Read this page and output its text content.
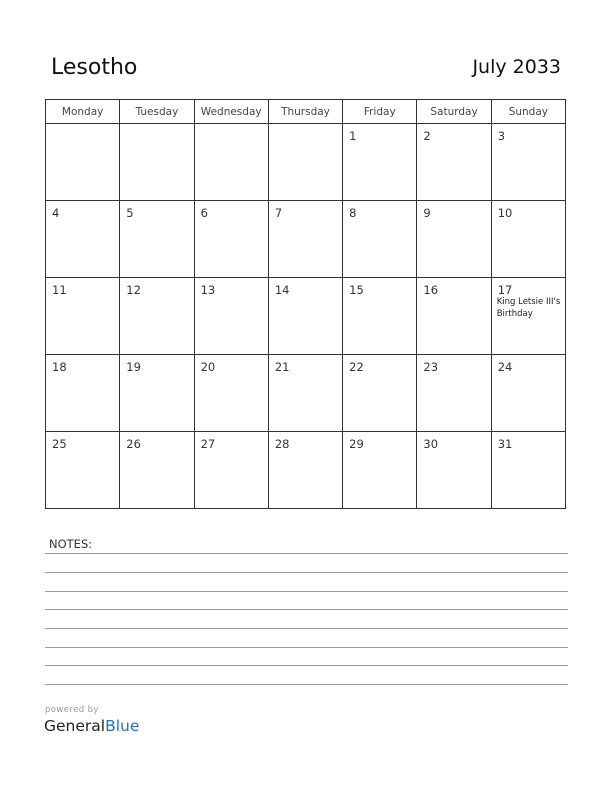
Lesotho	July 2033
Monday	Tuesday	Wednesday	Thursday	Friday	Saturday	Sunday

				1	2	3

4	5	6	7	8	9	10

11	12	13	14	15	16	17
King Letsie III's Birthday

18	19	20	21	22	23	24

25	26	27	28	29	30	31
NOTES:
powered by
GeneralBlue
